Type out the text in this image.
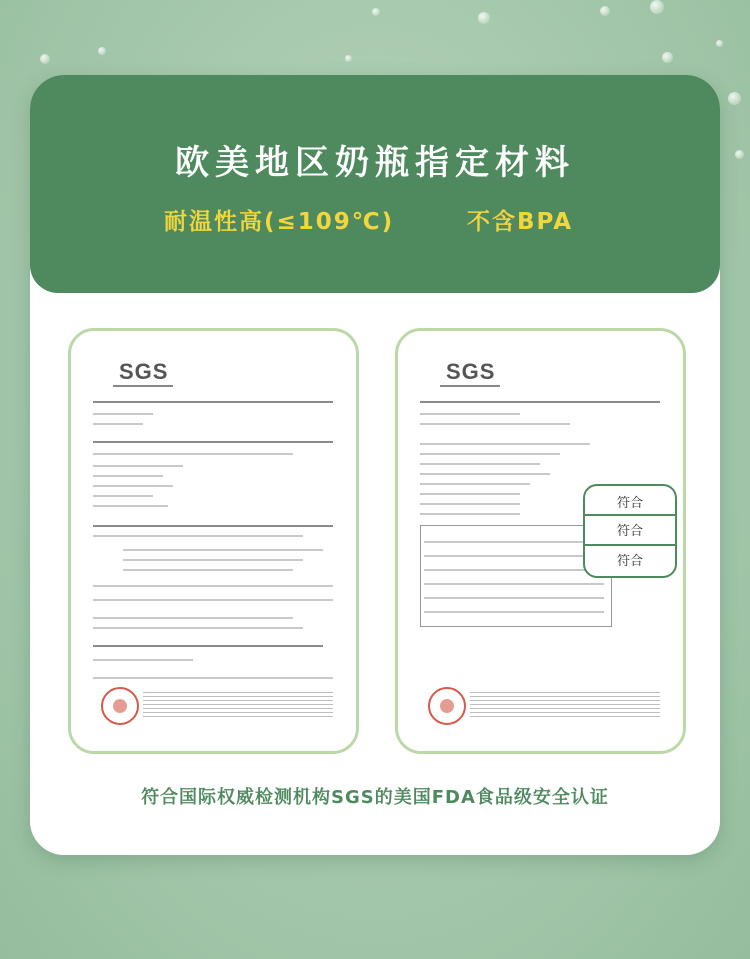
欧美地区奶瓶指定材料
耐温性高(≤109℃)	不含BPA
SGS	SGS
符合
符合
符合
符合国际权威检测机构SGS的美国FDA食品级安全认证
